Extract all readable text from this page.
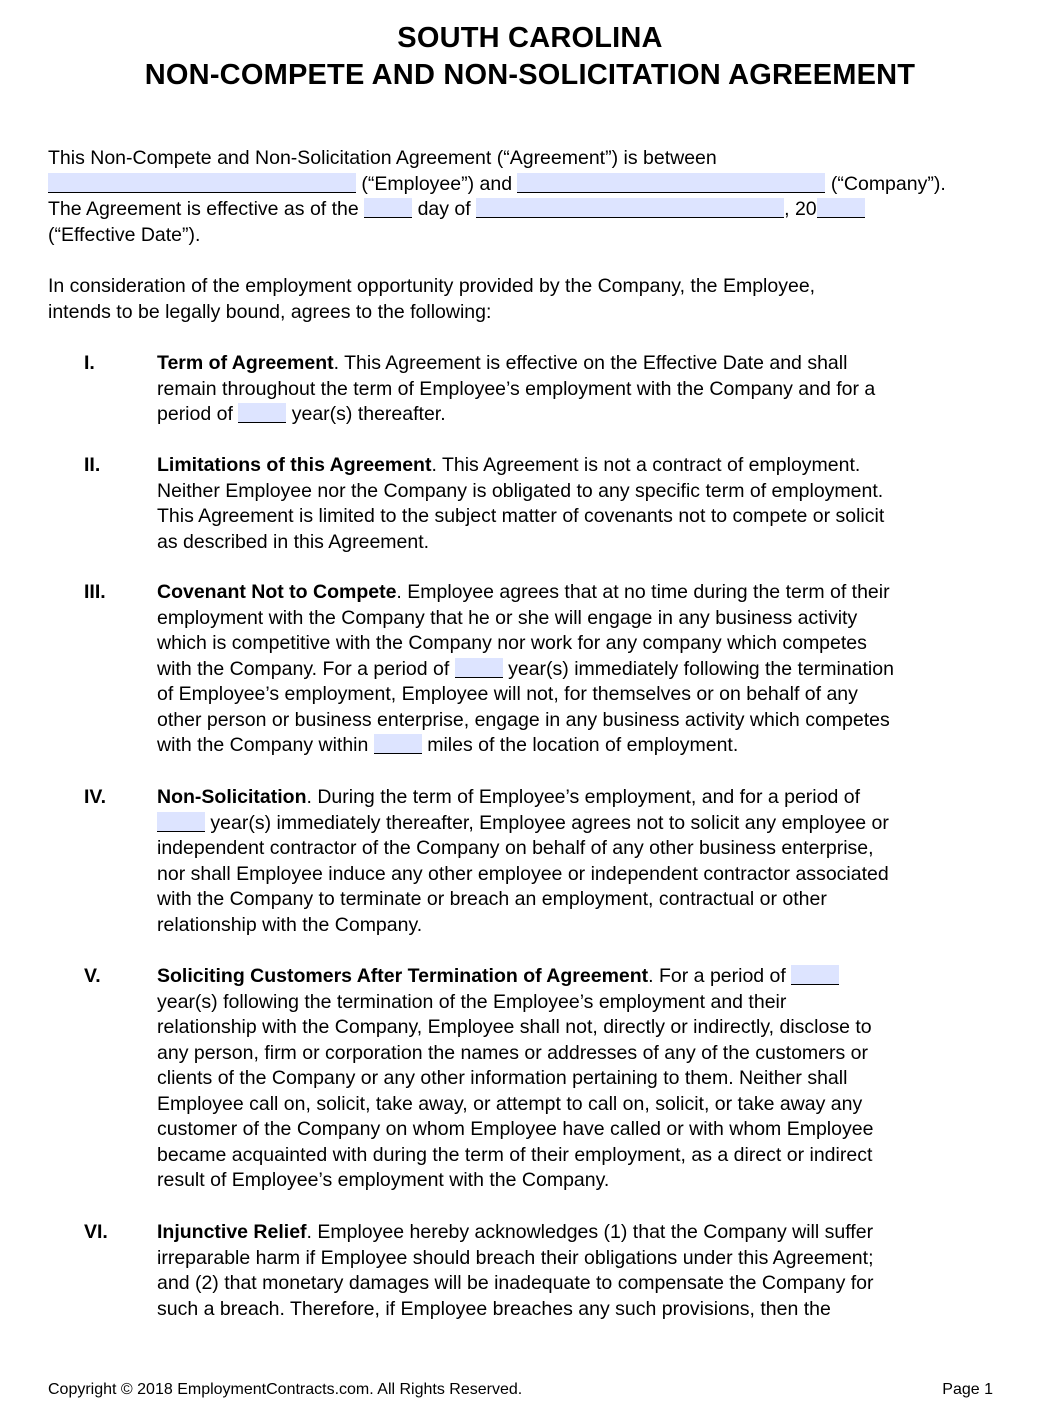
SOUTH CAROLINA
NON-COMPETE AND NON-SOLICITATION AGREEMENT
This Non-Compete and Non-Solicitation Agreement (“Agreement”) is between
(“Employee”) and	(“Company”).
The Agreement is effective as of the  day of	, 20
(“Effective Date”).
In consideration of the employment opportunity provided by the Company, the Employee,
intends to be legally bound, agrees to the following:
I.	Term of Agreement. This Agreement is effective on the Effective Date and shall
remain throughout the term of Employee’s employment with the Company and for a
period of  year(s) thereafter.
II.	Limitations of this Agreement. This Agreement is not a contract of employment.
Neither Employee nor the Company is obligated to any specific term of employment.
This Agreement is limited to the subject matter of covenants not to compete or solicit
as described in this Agreement.
III.	Covenant Not to Compete. Employee agrees that at no time during the term of their
employment with the Company that he or she will engage in any business activity
which is competitive with the Company nor work for any company which competes
with the Company. For a period of  year(s) immediately following the termination
of Employee’s employment, Employee will not, for themselves or on behalf of any
other person or business enterprise, engage in any business activity which competes
with the Company within  miles of the location of employment.
IV.	Non-Solicitation. During the term of Employee’s employment, and for a period of
year(s) immediately thereafter, Employee agrees not to solicit any employee or
independent contractor of the Company on behalf of any other business enterprise,
nor shall Employee induce any other employee or independent contractor associated
with the Company to terminate or breach an employment, contractual or other
relationship with the Company.
V.	Soliciting Customers After Termination of Agreement. For a period of
year(s) following the termination of the Employee’s employment and their
relationship with the Company, Employee shall not, directly or indirectly, disclose to
any person, firm or corporation the names or addresses of any of the customers or
clients of the Company or any other information pertaining to them. Neither shall
Employee call on, solicit, take away, or attempt to call on, solicit, or take away any
customer of the Company on whom Employee have called or with whom Employee
became acquainted with during the term of their employment, as a direct or indirect
result of Employee’s employment with the Company.
VI.	Injunctive Relief. Employee hereby acknowledges (1) that the Company will suffer
irreparable harm if Employee should breach their obligations under this Agreement;
and (2) that monetary damages will be inadequate to compensate the Company for
such a breach. Therefore, if Employee breaches any such provisions, then the
Copyright © 2018 EmploymentContracts.com. All Rights Reserved.	Page 1
